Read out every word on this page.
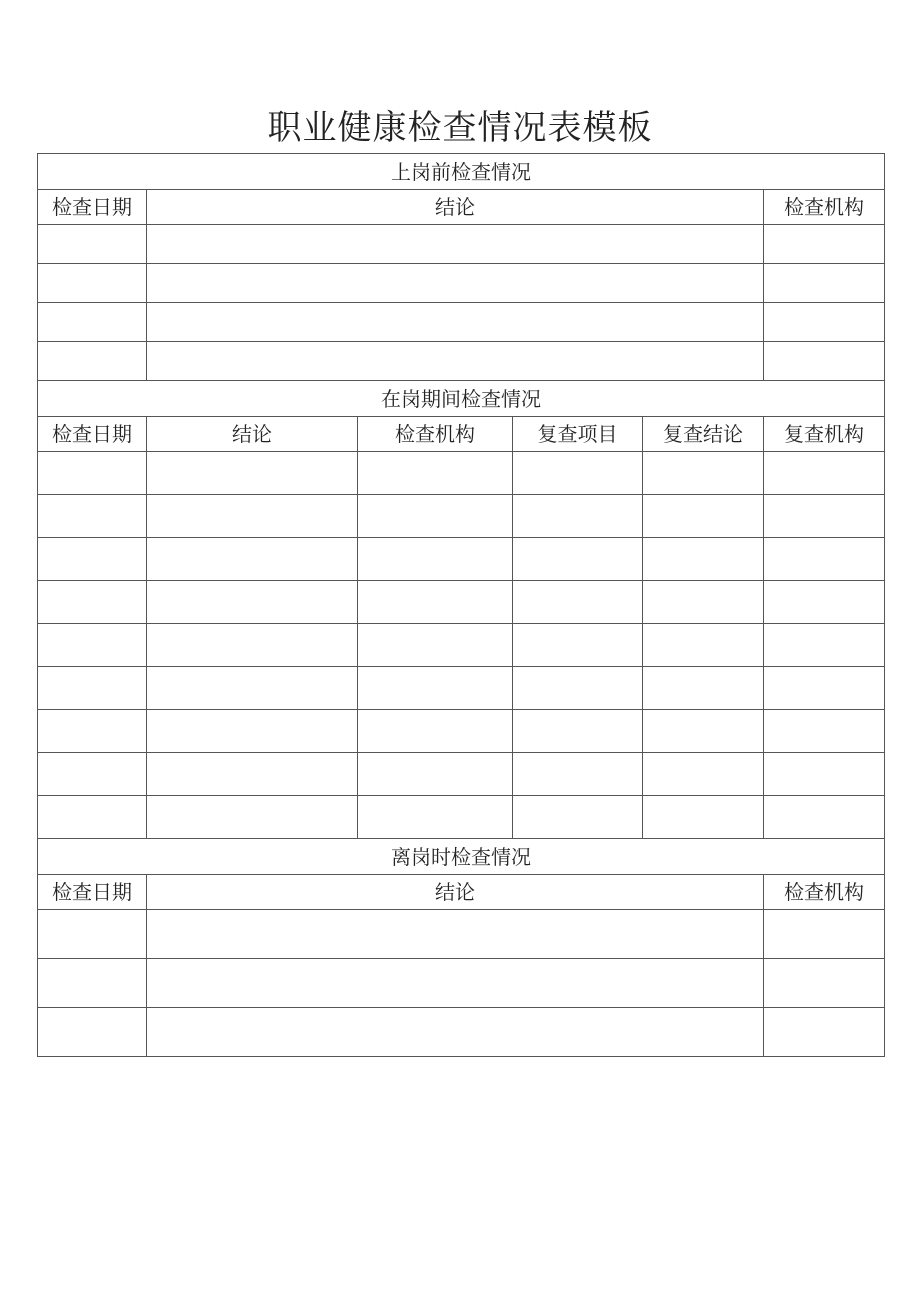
职业健康检查情况表模板
上岗前检查情况					
检查日期	结论				检查机构

在岗期间检查情况					
检查日期	结论	检查机构	复查项目	复查结论	复查机构

离岗时检查情况					
检查日期	结论				检查机构
